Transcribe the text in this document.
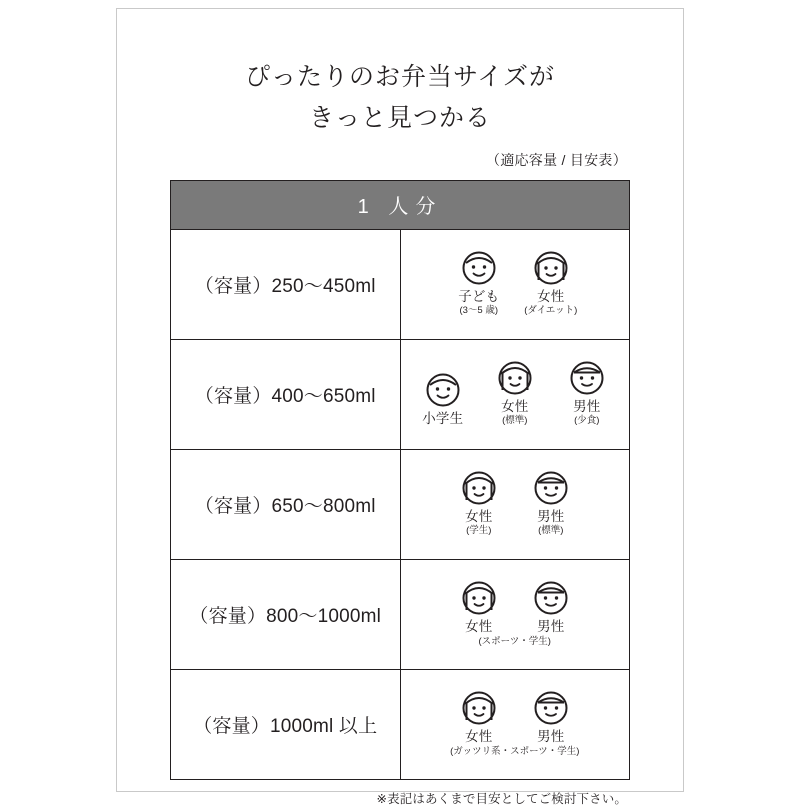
ぴったりのお弁当サイズが
きっと見つかる
（適応容量 / 目安表）
1 人分	
（容量）250〜450ml	子ども
(3〜5 歳)
女性
(ダイエット)

（容量）400〜650ml	小学生
女性
(標準)
男性
(少食)

（容量）650〜800ml	女性
(学生)
男性
(標準)

（容量）800〜1000ml	女性 男性
(スポーツ・学生)

（容量）1000ml 以上	女性 男性
(ガッツリ系・スポーツ・学生)
※表記はあくまで目安としてご検討下さい。
